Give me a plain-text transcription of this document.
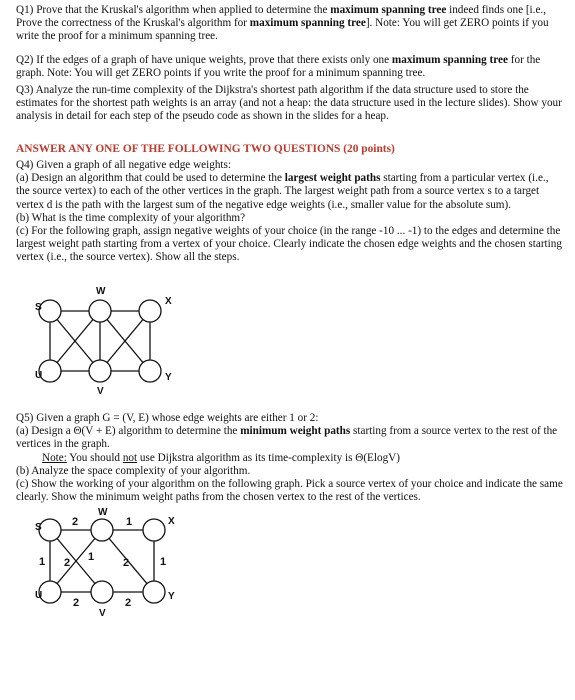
Q1) Prove that the Kruskal's algorithm when applied to determine the maximum spanning tree indeed finds one [i.e., Prove the correctness of the Kruskal's algorithm for maximum spanning tree]. Note: You will get ZERO points if you write the proof for a minimum spanning tree.

Q2) If the edges of a graph of have unique weights, prove that there exists only one maximum spanning tree for the graph. Note: You will get ZERO points if you write the proof for a minimum spanning tree.

Q3) Analyze the run-time complexity of the Dijkstra's shortest path algorithm if the data structure used to store the estimates for the shortest path weights is an array (and not a heap: the data structure used in the lecture slides). Show your analysis in detail for each step of the pseudo code as shown in the slides for a heap.

ANSWER ANY ONE OF THE FOLLOWING TWO QUESTIONS (20 points)

Q4) Given a graph of all negative edge weights:

(a) Design an algorithm that could be used to determine the largest weight paths starting from a particular vertex (i.e., the source vertex) to each of the other vertices in the graph. The largest weight path from a source vertex s to a target vertex d is the path with the largest sum of the negative edge weights (i.e., smaller value for the absolute sum).

(b) What is the time complexity of your algorithm?

(c) For the following graph, assign negative weights of your choice (in the range -10 ... -1) to the edges and determine the largest weight path starting from a vertex of your choice. Clearly indicate the chosen edge weights and the chosen starting vertex (i.e., the source vertex). Show all the steps.

S
W
X
U
V
Y

Q5) Given a graph G = (V, E) whose edge weights are either 1 or 2:

(a) Design a Θ(V + E) algorithm to determine the minimum weight paths starting from a source vertex to the rest of the vertices in the graph.

Note: You should not use Dijkstra algorithm as its time-complexity is Θ(ElogV)

(b) Analyze the space complexity of your algorithm.

(c) Show the working of your algorithm on the following graph. Pick a source vertex of your choice and indicate the same clearly. Show the minimum weight paths from the chosen vertex to the rest of the vertices.

S
W
X
U
V
Y
2	1
1 2 1	2	1
2	2
